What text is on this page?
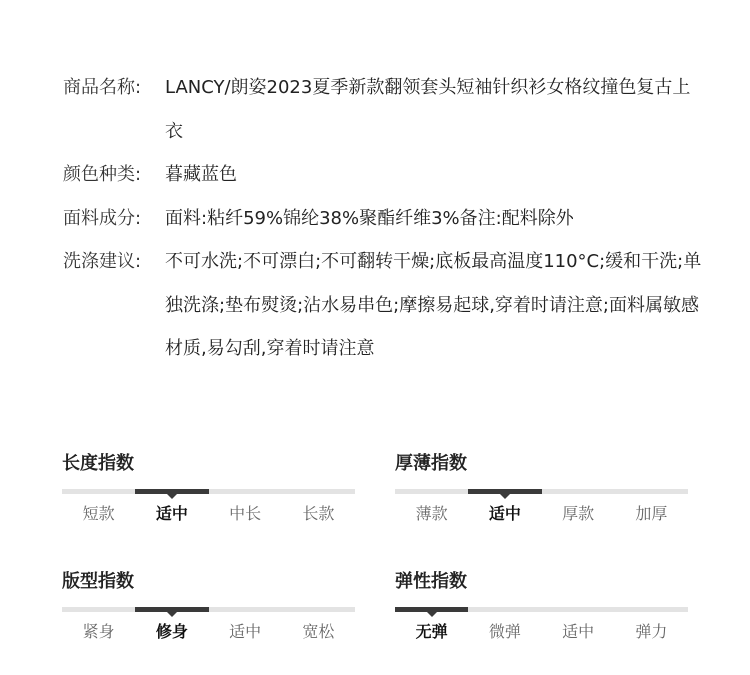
商品名称:	LANCY/朗姿2023夏季新款翻领套头短袖针织衫女格纹撞色复古上衣
颜色种类:	暮藏蓝色
面料成分:	面料:粘纤59%锦纶38%聚酯纤维3%备注:配料除外
洗涤建议:	不可水洗;不可漂白;不可翻转干燥;底板最高温度110°C;缓和干洗;单独洗涤;垫布熨烫;沾水易串色;摩擦易起球,穿着时请注意;面料属敏感材质,易勾刮,穿着时请注意
长度指数
短款	适中	中长	长款
厚薄指数
薄款	适中	厚款	加厚
版型指数
紧身	修身	适中	宽松
弹性指数
无弹	微弹	适中	弹力
